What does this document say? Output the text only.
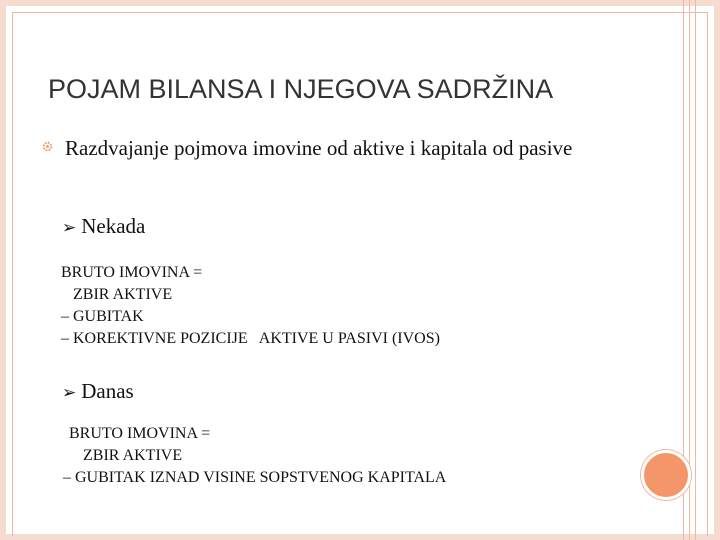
POJAM BILANSA I NJEGOVA SADRŽINA
Razdvajanje pojmova imovine od aktive i kapitala od pasive
➢ Nekada
BRUTO IMOVINA =
ZBIR AKTIVE
– GUBITAK
– KOREKTIVNE POZICIJE   AKTIVE U PASIVI (IVOS)
➢ Danas
BRUTO IMOVINA =
ZBIR AKTIVE
– GUBITAK IZNAD VISINE SOPSTVENOG KAPITALA
